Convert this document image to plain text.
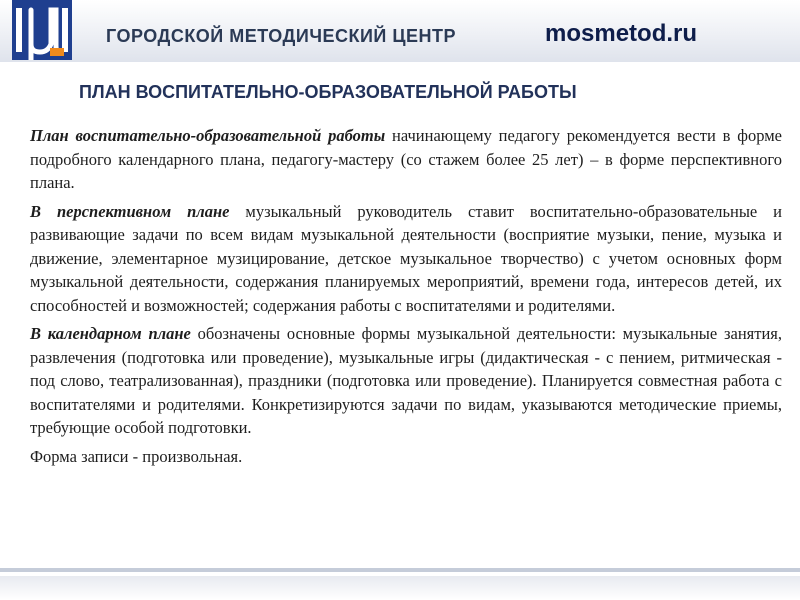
ГОРОДСКОЙ МЕТОДИЧЕСКИЙ ЦЕНТР	mosmetod.ru
ПЛАН ВОСПИТАТЕЛЬНО-ОБРАЗОВАТЕЛЬНОЙ РАБОТЫ

План воспитательно-образовательной работы начинающему педагогу рекомендуется вести в форме подробного календарного плана, педагогу-мастеру (со стажем более 25 лет) – в форме перспективного плана.

В перспективном плане музыкальный руководитель ставит воспитательно-образовательные и развивающие задачи по всем видам музыкальной деятельности (восприятие музыки, пение, музыка и движение, элементарное музицирование, детское музыкальное творчество) с учетом основных форм музыкальной деятельности, содержания планируемых мероприятий, времени года, интересов детей, их способностей и возможностей; содержания работы с воспитателями и родителями.

В календарном плане обозначены основные формы музыкальной деятельности: музыкальные занятия, развлечения (подготовка или проведение), музыкальные игры (дидактическая - с пением, ритмическая - под слово, театрализованная), праздники (подготовка или проведение). Планируется совместная работа с воспитателями и родителями. Конкретизируются задачи по видам, указываются методические приемы, требующие особой подготовки.

Форма записи - произвольная.
